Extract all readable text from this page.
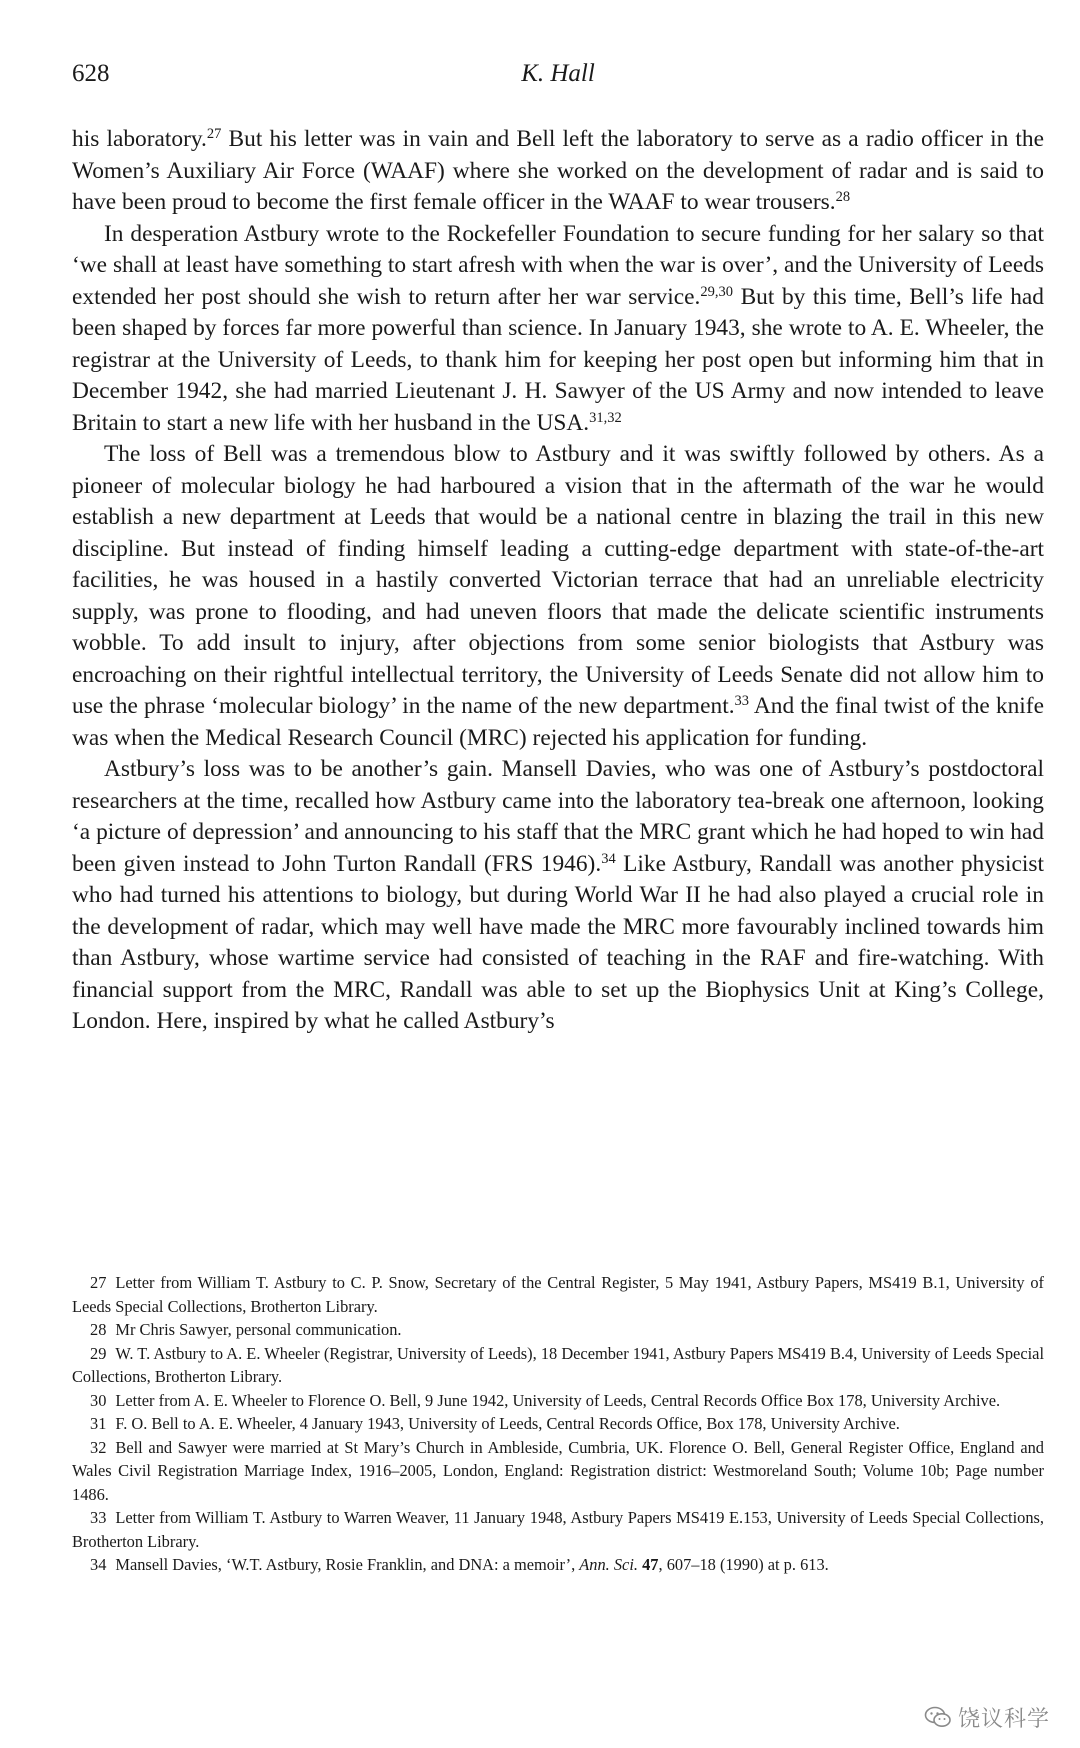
628	K. Hall

his laboratory.$^{27}$ But his letter was in vain and Bell left the laboratory to serve as a radio officer in the Women’s Auxiliary Air Force (WAAF) where she worked on the development of radar and is said to have been proud to become the first female officer in the WAAF to wear trousers.$^{28}$

In desperation Astbury wrote to the Rockefeller Foundation to secure funding for her salary so that ‘we shall at least have something to start afresh with when the war is over’, and the University of Leeds extended her post should she wish to return after her war service.$^{29,30}$ But by this time, Bell’s life had been shaped by forces far more powerful than science. In January 1943, she wrote to A. E. Wheeler, the registrar at the University of Leeds, to thank him for keeping her post open but informing him that in December 1942, she had married Lieutenant J. H. Sawyer of the US Army and now intended to leave Britain to start a new life with her husband in the USA.$^{31,32}$

The loss of Bell was a tremendous blow to Astbury and it was swiftly followed by others. As a pioneer of molecular biology he had harboured a vision that in the aftermath of the war he would establish a new department at Leeds that would be a national centre in blazing the trail in this new discipline. But instead of finding himself leading a cutting-edge department with state-of-the-art facilities, he was housed in a hastily converted Victorian terrace that had an unreliable electricity supply, was prone to flooding, and had uneven floors that made the delicate scientific instruments wobble. To add insult to injury, after objections from some senior biologists that Astbury was encroaching on their rightful intellectual territory, the University of Leeds Senate did not allow him to use the phrase ‘molecular biology’ in the name of the new department.$^{33}$ And the final twist of the knife was when the Medical Research Council (MRC) rejected his application for funding.

Astbury’s loss was to be another’s gain. Mansell Davies, who was one of Astbury’s postdoctoral researchers at the time, recalled how Astbury came into the laboratory tea-break one afternoon, looking ‘a picture of depression’ and announcing to his staff that the MRC grant which he had hoped to win had been given instead to John Turton Randall (FRS 1946).$^{34}$ Like Astbury, Randall was another physicist who had turned his attentions to biology, but during World War II he had also played a crucial role in the development of radar, which may well have made the MRC more favourably inclined towards him than Astbury, whose wartime service had consisted of teaching in the RAF and fire-watching. With financial support from the MRC, Randall was able to set up the Biophysics Unit at King’s College, London. Here, inspired by what he called Astbury’s

27 Letter from William T. Astbury to C. P. Snow, Secretary of the Central Register, 5 May 1941, Astbury Papers, MS419 B.1, University of Leeds Special Collections, Brotherton Library.

28 Mr Chris Sawyer, personal communication.

29 W. T. Astbury to A. E. Wheeler (Registrar, University of Leeds), 18 December 1941, Astbury Papers MS419 B.4, University of Leeds Special Collections, Brotherton Library.

30 Letter from A. E. Wheeler to Florence O. Bell, 9 June 1942, University of Leeds, Central Records Office Box 178, University Archive.

31 F. O. Bell to A. E. Wheeler, 4 January 1943, University of Leeds, Central Records Office, Box 178, University Archive.

32 Bell and Sawyer were married at St Mary’s Church in Ambleside, Cumbria, UK. Florence O. Bell, General Register Office, England and Wales Civil Registration Marriage Index, 1916–2005, London, England: Registration district: Westmoreland South; Volume 10b; Page number 1486.

33 Letter from William T. Astbury to Warren Weaver, 11 January 1948, Astbury Papers MS419 E.153, University of Leeds Special Collections, Brotherton Library.

34 Mansell Davies, ‘W.T. Astbury, Rosie Franklin, and DNA: a memoir’, Ann. Sci. 47, 607–18 (1990) at p. 613.

饶议科学
